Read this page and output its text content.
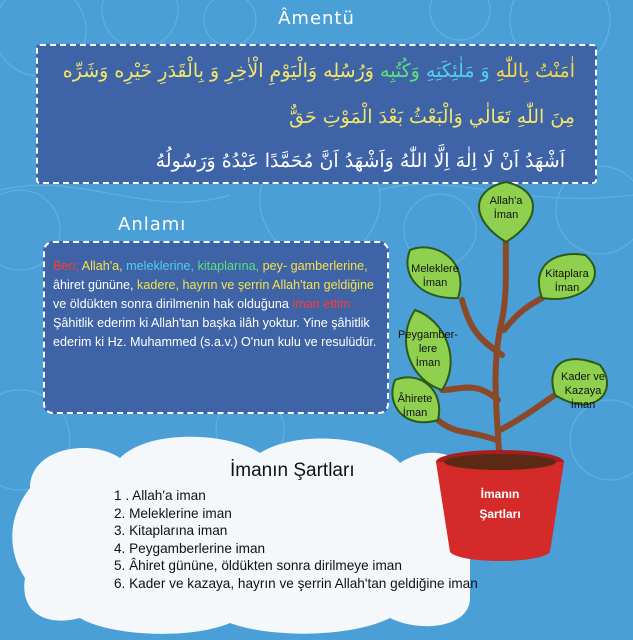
Âmentü
اٰمَنْتُ بِاللّٰهِ وَ مَلٰئِكَتِهِ وَكُتُبِه وَرُسُلِه وَالْيَوْمِ الْاٰخِرِ وَ بِالْقَدَرِ خَيْرِه وَشَرِّه
مِنَ اللّٰهِ تَعَالٰي وَالْبَعْثُ بَعْدَ الْمَوْتِ حَقٌّ
اَشْهَدُ اَنْ لَا اِلٰهَ اِلَّا اللّٰهُ وَاَشْهَدُ اَنَّ مُحَمَّدًا عَبْدُهُ وَرَسُولُهُ
Anlamı
Ben; Allah'a, meleklerine, kitaplarına, pey- gamberlerine, âhiret gününe, kadere, hayrın ve şerrin Allah'tan geldiğine ve öldükten sonra dirilmenin hak olduğuna iman ettim. Şâhitlik ederim ki Allah'tan başka ilâh yoktur. Yine şâhitlik ederim ki Hz. Muhammed (s.a.v.) O'nun kulu ve resulüdür.
İmanın Şartları
1 . Allah'a iman
2. Meleklerine iman
3. Kitaplarına iman
4. Peygamberlerine iman
5. Âhiret gününe, öldükten sonra dirilmeye iman
6. Kader ve kazaya, hayrın ve şerrin Allah'tan geldiğine iman
Allah'a
İman
Meleklere
İman
Kitaplara
İman
Peygamber-
lere
İman
Âhirete
İman
Kader ve
Kazaya
İman
İmanın
Şartları
